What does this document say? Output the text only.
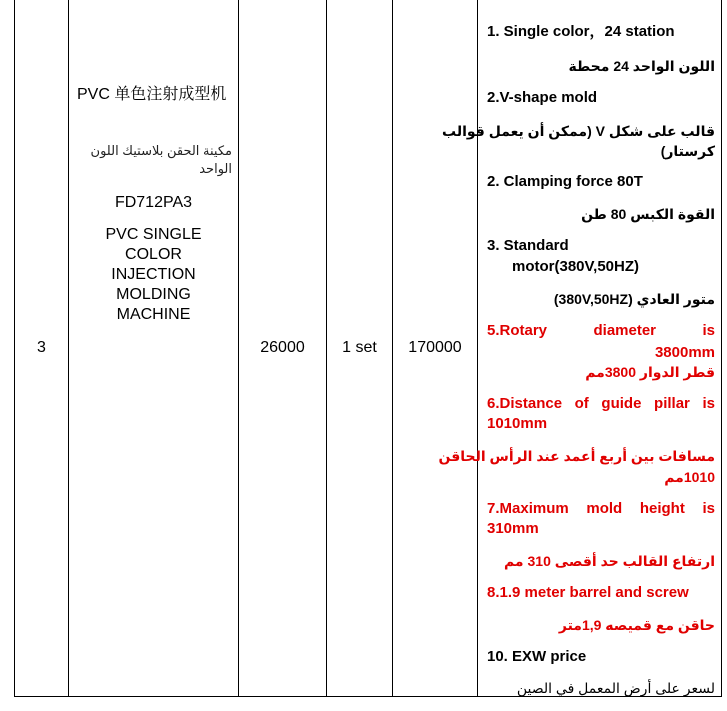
3
PVC 单色注射成型机
مكينة الحقن بلاستيك اللون الواحد
FD712PA3
PVC SINGLE
COLOR
INJECTION
MOLDING
MACHINE
26000	1 set	170000
1. Single color，24 station
اللون الواحد 24 محطة
2.V-shape mold
قالب على شكل V (ممكن أن يعمل قوالب
كرستار)
2. Clamping force 80T
القوة الكبس 80 طن
3. Standard
motor(380V,50HZ)
متور العادي (380V,50HZ)
5.Rotary diameter is
3800mm
قطر الدوار 3800مم
6.Distance of guide pillar is
1010mm
مسافات بين أربع أعمد عند الرأس الحاقن
1010مم
7.Maximum mold height is
310mm
ارتفاع القالب حد أقصى 310 مم
8.1.9 meter barrel and screw
حاقن مع قميصه 1,9متر
10. EXW price
لسعر على أرض المعمل في الصين
